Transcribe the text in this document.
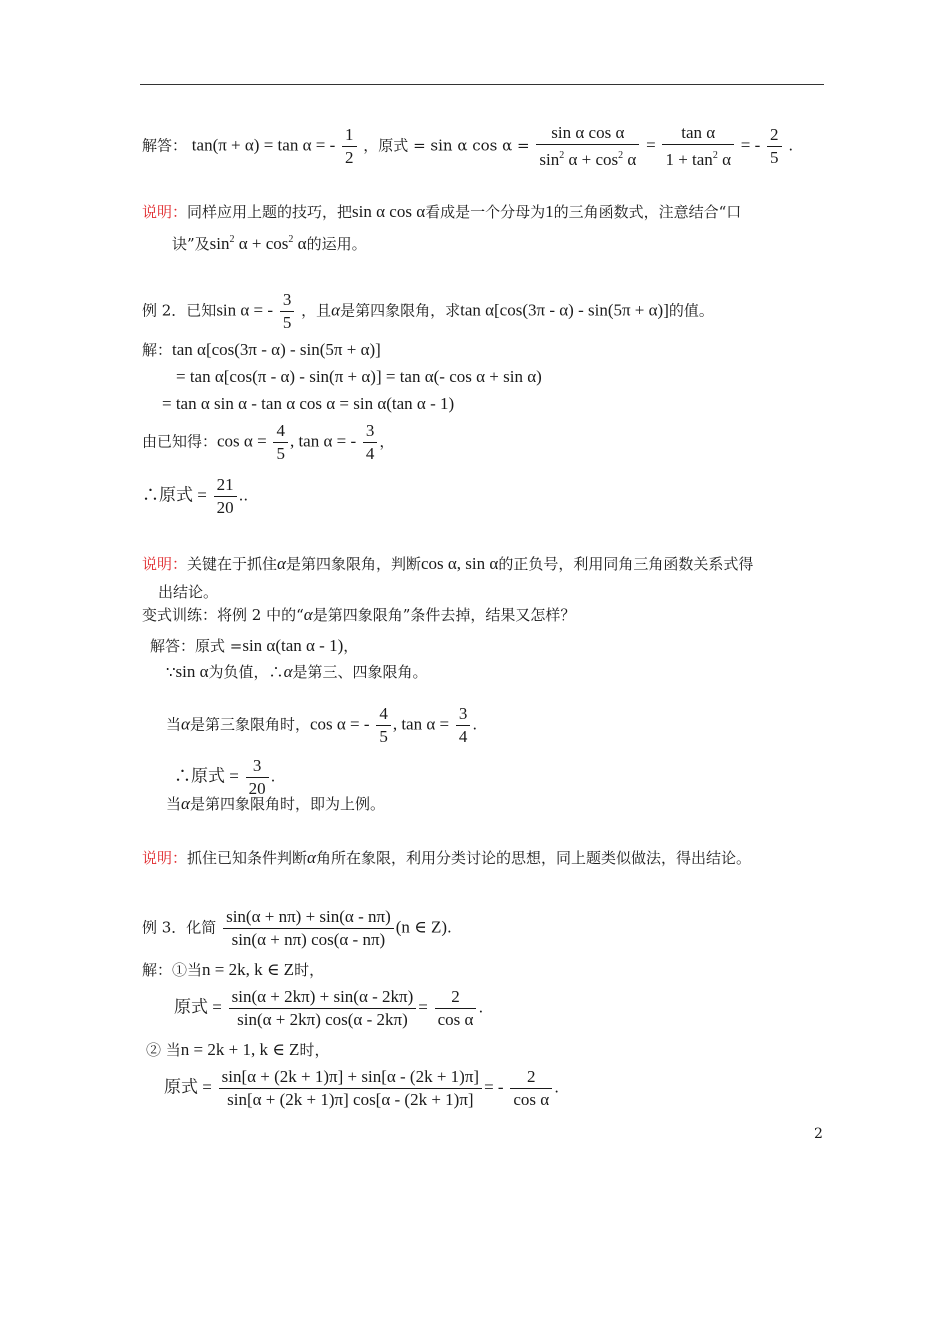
解答： tan(π + α) = tan α = - $\frac{1}{2}$ ，原式 = sin α $\cos \alpha = \frac{\text{sin α cos α}}{\sin^2 \alpha + \cos^2 \alpha} = \frac{\text{tan α}}{1 + \tan^2 \alpha}$ = - $\frac{2}{5}$ .
说明：同样应用上题的技巧，把sin α cos α看成是一个分母为1的三角函数式，注意结合“口
诀”及$\sin^2 \alpha + \cos^2 \alpha$的运用。
例 2．已知sin α = - $\frac{3}{5}$ ，且α是第四象限角，求tan α[cos(3π - α) - sin(5π + α)]的值。
解：tan α[cos(3π - α) - sin(5π + α)]
= tan α[cos(π - α) - sin(π + α)] = tan α(- cos α + sin α)
= tan α sin α - tan α cos α = sin α(tan α - 1)
由已知得：$\cos \alpha = \frac{4}{5}$ , tan α = - $\frac{3}{4}$ ，
∴原式 = $\frac{21}{20}$ ..
说明：关键在于抓住α是第四象限角，判断cos α, sin α的正负号，利用同角三角函数关系式得
出结论。
变式训练：将例 2 中的“α是第四象限角”条件去掉，结果又怎样？
解答：原式 =sin α(tan α - 1)，
∵sin α为负值，∴α是第三、四象限角。
当α是第三象限角时，cos α = - $\frac{4}{5}$ , $\tan \alpha = \frac{3}{4}$ .
∴原式 = $\frac{3}{20}$ .
当α是第四象限角时，即为上例。
说明：抓住已知条件判断α角所在象限，利用分类讨论的思想，同上题类似做法，得出结论。
例 3．化简 $\frac{\sin(\alpha + n\pi) + \sin(\alpha - n\pi)}{\sin(\alpha + n\pi) \cos(\alpha - n\pi)} (n$ ∈ Z).
解：①当n = 2k, k ∈ Z时，
原式 = $\frac{\sin(\alpha + 2k\pi) + \sin(\alpha - 2k\pi)}{\sin(\alpha + 2k\pi) \cos(\alpha - 2k\pi)} = \frac{2}{\text{cos α}}$ .
② 当n = 2k + 1, k ∈ Z时，
原式 = $\frac{\sin[\alpha + (2k + 1)\pi] + \sin[\alpha - (2k + 1)\pi]}{\sin[\alpha + (2k + 1)\pi] \cos[\alpha - (2k + 1)\pi]}$ = - $\frac{2}{\text{cos α}}$ .
2
